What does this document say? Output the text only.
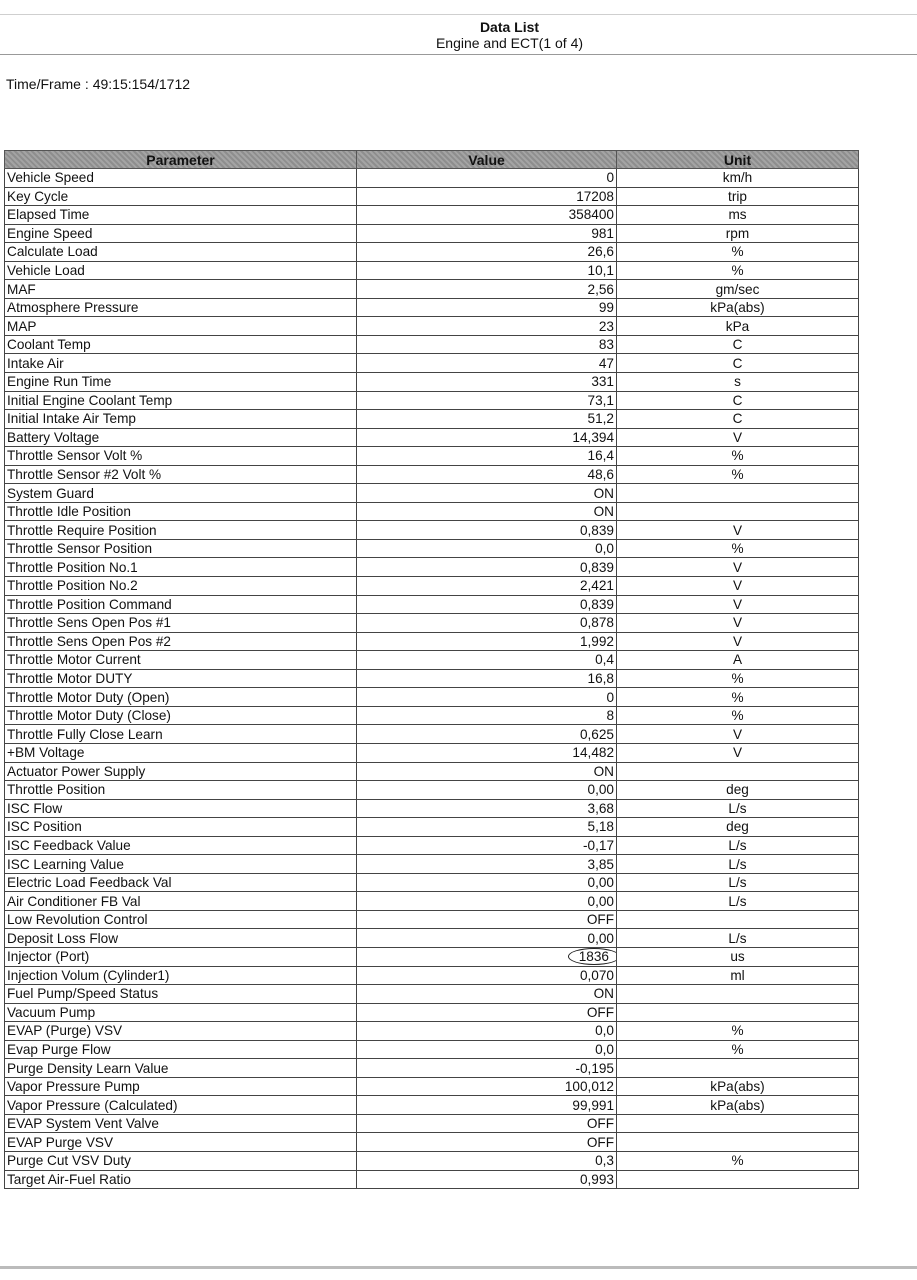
Data List
Engine and ECT(1 of 4)
Time/Frame : 49:15:154/1712
Parameter	Value	Unit
Vehicle Speed	0	km/h
Key Cycle	17208	trip
Elapsed Time	358400	ms
Engine Speed	981	rpm
Calculate Load	26,6	%
Vehicle Load	10,1	%
MAF	2,56	gm/sec
Atmosphere Pressure	99	kPa(abs)
MAP	23	kPa
Coolant Temp	83	C
Intake Air	47	C
Engine Run Time	331	s
Initial Engine Coolant Temp	73,1	C
Initial Intake Air Temp	51,2	C
Battery Voltage	14,394	V
Throttle Sensor Volt %	16,4	%
Throttle Sensor #2 Volt %	48,6	%
System Guard	ON	
Throttle Idle Position	ON	
Throttle Require Position	0,839	V
Throttle Sensor Position	0,0	%
Throttle Position No.1	0,839	V
Throttle Position No.2	2,421	V
Throttle Position Command	0,839	V
Throttle Sens Open Pos #1	0,878	V
Throttle Sens Open Pos #2	1,992	V
Throttle Motor Current	0,4	A
Throttle Motor DUTY	16,8	%
Throttle Motor Duty (Open)	0	%
Throttle Motor Duty (Close)	8	%
Throttle Fully Close Learn	0,625	V
+BM Voltage	14,482	V
Actuator Power Supply	ON	
Throttle Position	0,00	deg
ISC Flow	3,68	L/s
ISC Position	5,18	deg
ISC Feedback Value	-0,17	L/s
ISC Learning Value	3,85	L/s
Electric Load Feedback Val	0,00	L/s
Air Conditioner FB Val	0,00	L/s
Low Revolution Control	OFF	
Deposit Loss Flow	0,00	L/s
Injector (Port)	1836	us
Injection Volum (Cylinder1)	0,070	ml
Fuel Pump/Speed Status	ON	
Vacuum Pump	OFF	
EVAP (Purge) VSV	0,0	%
Evap Purge Flow	0,0	%
Purge Density Learn Value	-0,195	
Vapor Pressure Pump	100,012	kPa(abs)
Vapor Pressure (Calculated)	99,991	kPa(abs)
EVAP System Vent Valve	OFF	
EVAP Purge VSV	OFF	
Purge Cut VSV Duty	0,3	%
Target Air-Fuel Ratio	0,993	
